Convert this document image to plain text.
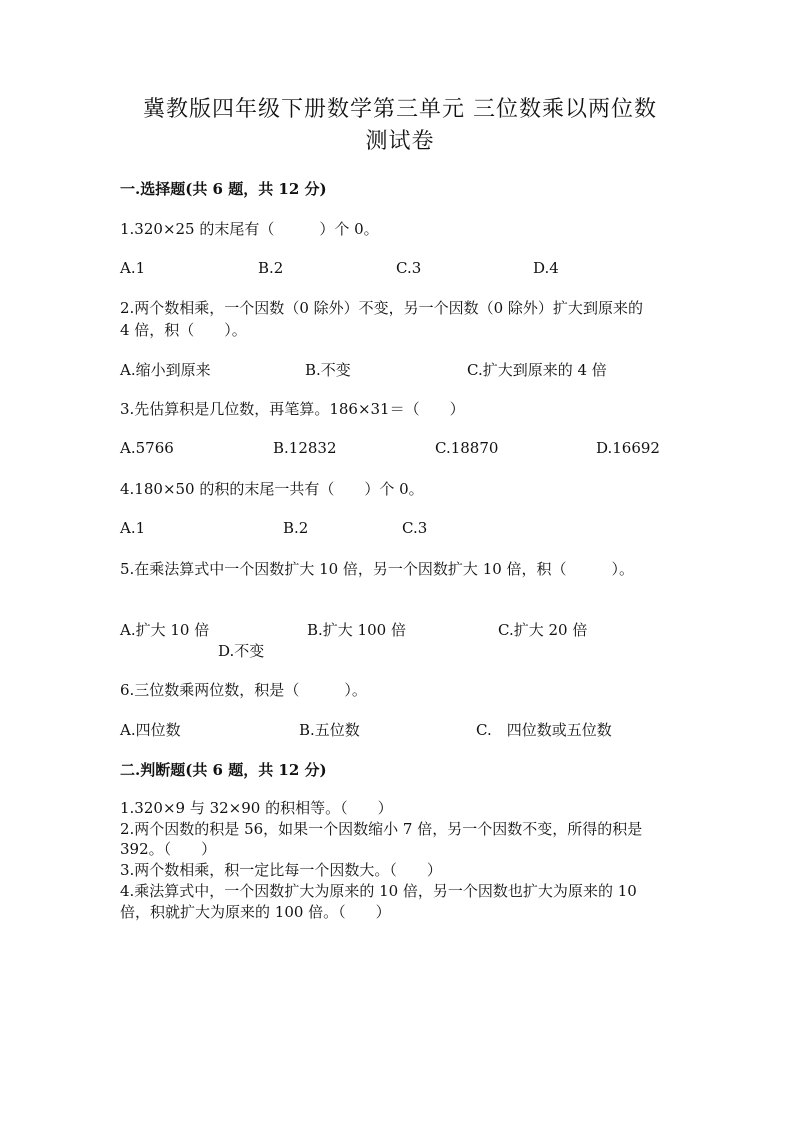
冀教版四年级下册数学第三单元 三位数乘以两位数
测试卷
一.选择题(共 6 题，共 12 分)
1.320×25 的末尾有（　　　）个 0。
A.1	B.2	C.3	D.4
2.两个数相乘，一个因数（0 除外）不变，另一个因数（0 除外）扩大到原来的
4 倍，积（　　）。
A.缩小到原来	B.不变	C.扩大到原来的 4 倍
3.先估算积是几位数，再笔算。186×31＝（　　）
A.5766	B.12832	C.18870	D.16692
4.180×50 的积的末尾一共有（　　）个 0。
A.1	B.2	C.3
5.在乘法算式中一个因数扩大 10 倍，另一个因数扩大 10 倍，积（　　　）。
A.扩大 10 倍	B.扩大 100 倍	C.扩大 20 倍
D.不变
6.三位数乘两位数，积是（　　　）。
A.四位数	B.五位数	C.　四位数或五位数
二.判断题(共 6 题，共 12 分)
1.320×9 与 32×90 的积相等。（　　）
2.两个因数的积是 56，如果一个因数缩小 7 倍，另一个因数不变，所得的积是
392。（　　）
3.两个数相乘，积一定比每一个因数大。（　　）
4.乘法算式中，一个因数扩大为原来的 10 倍，另一个因数也扩大为原来的 10
倍，积就扩大为原来的 100 倍。（　　）
